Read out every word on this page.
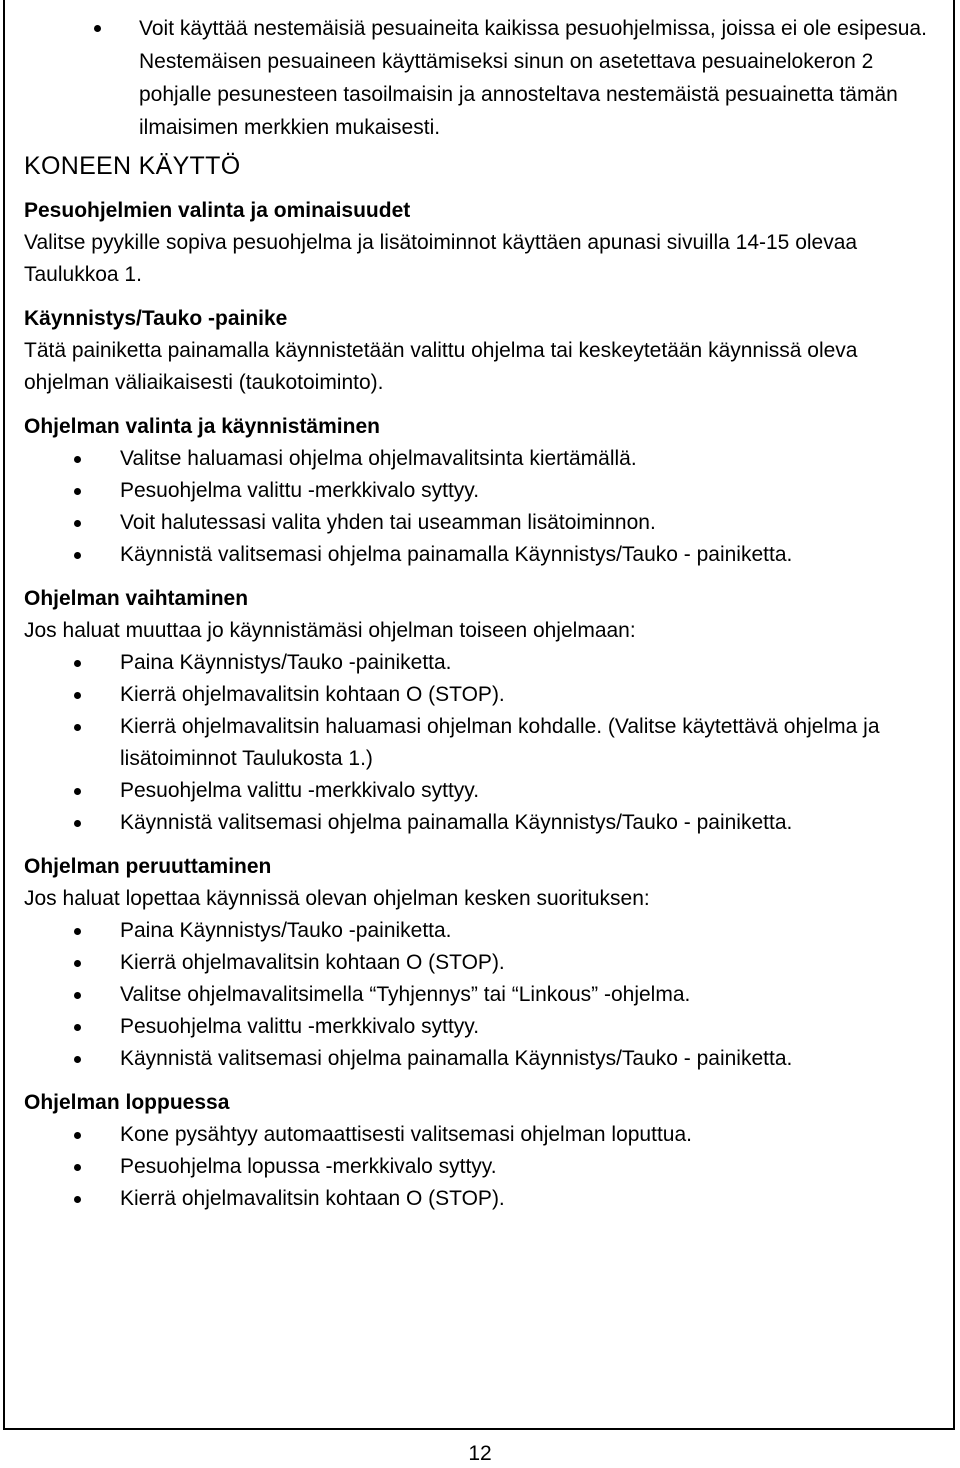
Voit käyttää nestemäisiä pesuaineita kaikissa pesuohjelmissa, joissa ei ole esipesua. Nestemäisen pesuaineen käyttämiseksi sinun on asetettava pesuainelokeron 2 pohjalle pesunesteen tasoilmaisin ja annosteltava nestemäistä pesuainetta tämän ilmaisimen merkkien mukaisesti.
KONEEN KÄYTTÖ
Pesuohjelmien valinta ja ominaisuudet
Valitse pyykille sopiva pesuohjelma ja lisätoiminnot käyttäen apunasi sivuilla 14-15 olevaa Taulukkoa 1.
Käynnistys/Tauko -painike
Tätä painiketta painamalla käynnistetään valittu ohjelma tai keskeytetään käynnissä oleva ohjelman väliaikaisesti (taukotoiminto).
Ohjelman valinta ja käynnistäminen
Valitse haluamasi ohjelma ohjelmavalitsinta kiertämällä.
Pesuohjelma valittu -merkkivalo syttyy.
Voit halutessasi valita yhden tai useamman lisätoiminnon.
Käynnistä valitsemasi ohjelma painamalla Käynnistys/Tauko - painiketta.
Ohjelman vaihtaminen
Jos haluat muuttaa jo käynnistämäsi ohjelman toiseen ohjelmaan:
Paina Käynnistys/Tauko -painiketta.
Kierrä ohjelmavalitsin kohtaan O (STOP).
Kierrä ohjelmavalitsin haluamasi ohjelman kohdalle. (Valitse käytettävä ohjelma ja lisätoiminnot Taulukosta 1.)
Pesuohjelma valittu -merkkivalo syttyy.
Käynnistä valitsemasi ohjelma painamalla Käynnistys/Tauko - painiketta.
Ohjelman peruuttaminen
Jos haluat lopettaa käynnissä olevan ohjelman kesken suorituksen:
Paina Käynnistys/Tauko -painiketta.
Kierrä ohjelmavalitsin kohtaan O (STOP).
Valitse ohjelmavalitsimella “Tyhjennys” tai “Linkous” -ohjelma.
Pesuohjelma valittu -merkkivalo syttyy.
Käynnistä valitsemasi ohjelma painamalla Käynnistys/Tauko - painiketta.
Ohjelman loppuessa
Kone pysähtyy automaattisesti valitsemasi ohjelman loputtua.
Pesuohjelma lopussa -merkkivalo syttyy.
Kierrä ohjelmavalitsin kohtaan O (STOP).
12
